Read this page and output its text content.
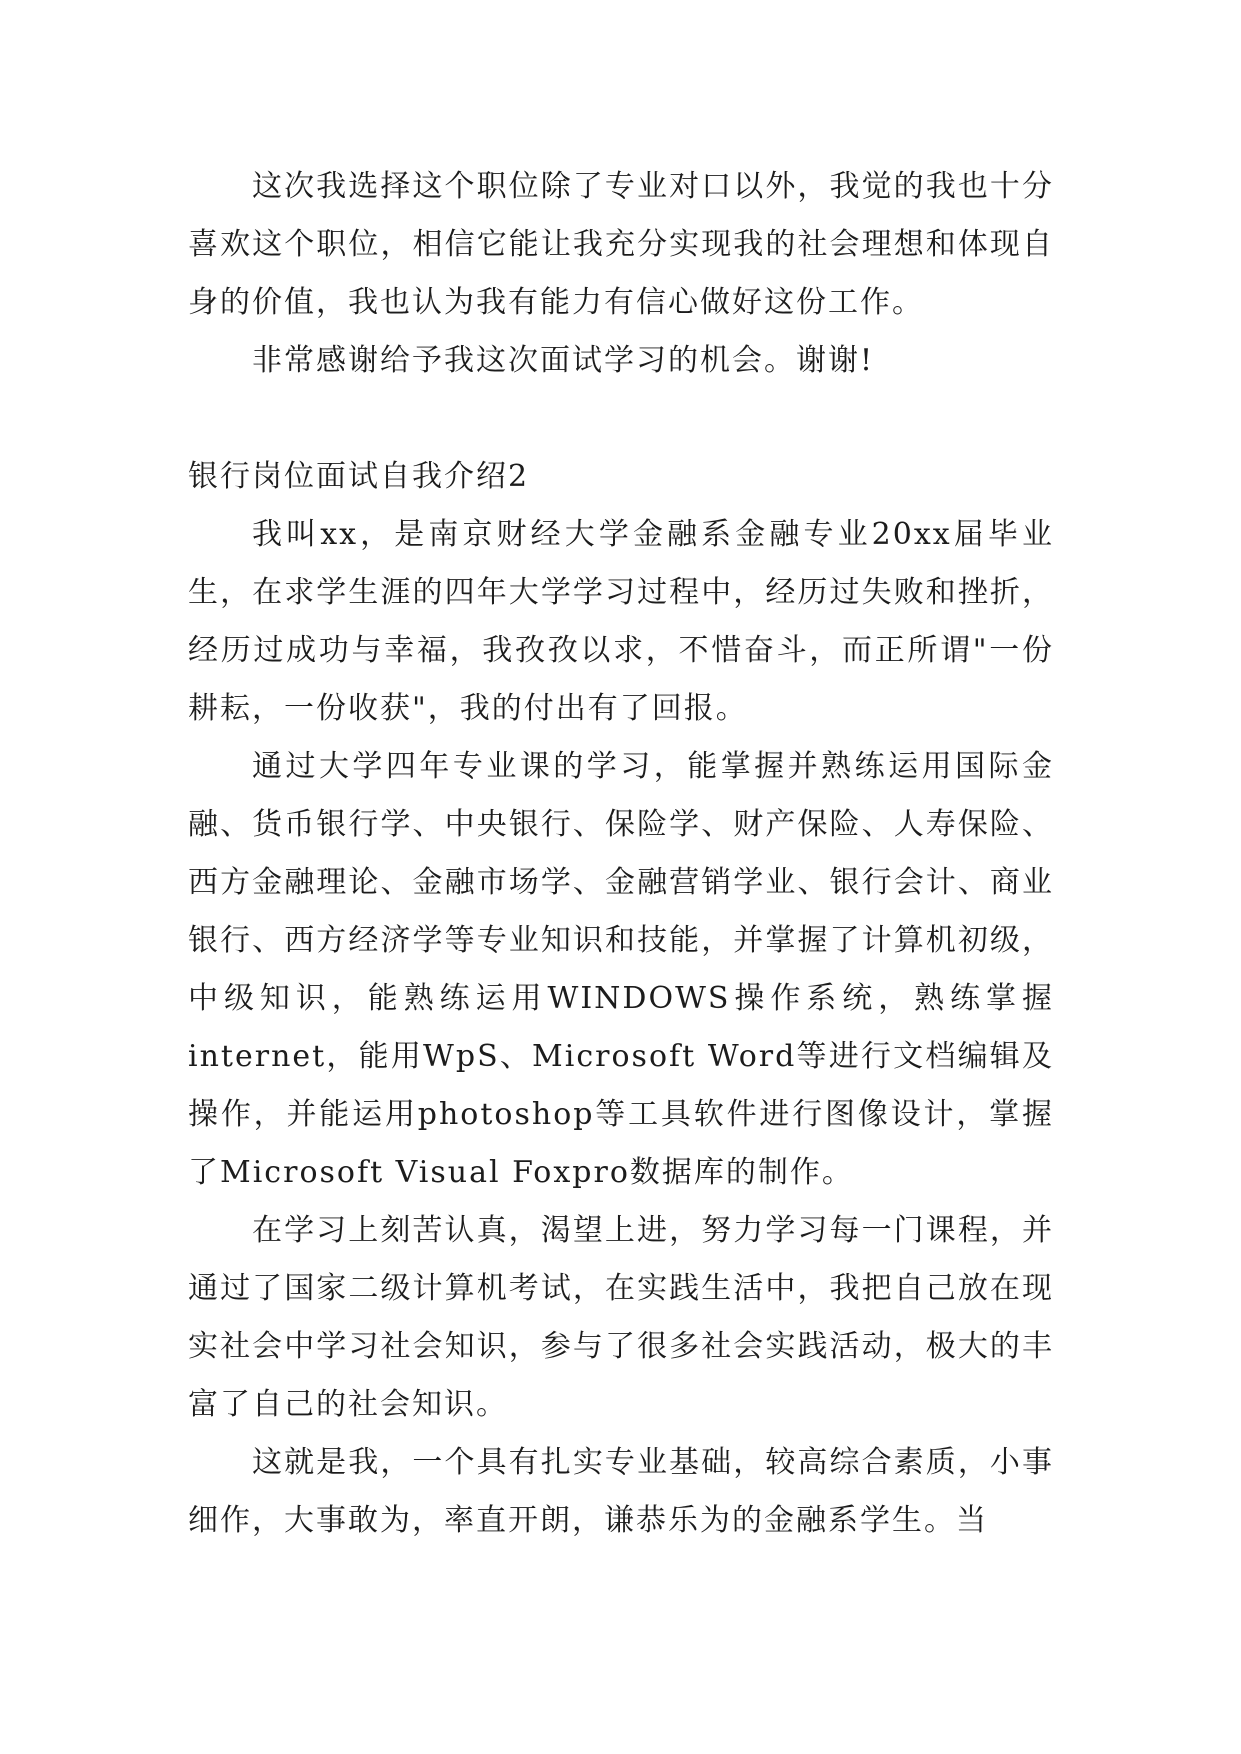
这次我选择这个职位除了专业对口以外，我觉的我也十分喜欢这个职位，相信它能让我充分实现我的社会理想和体现自身的价值，我也认为我有能力有信心做好这份工作。

非常感谢给予我这次面试学习的机会。谢谢!

银行岗位面试自我介绍2

我叫xx，是南京财经大学金融系金融专业20xx届毕业生，在求学生涯的四年大学学习过程中，经历过失败和挫折，经历过成功与幸福，我孜孜以求，不惜奋斗，而正所谓"一份耕耘，一份收获"，我的付出有了回报。

通过大学四年专业课的学习，能掌握并熟练运用国际金融、货币银行学、中央银行、保险学、财产保险、人寿保险、西方金融理论、金融市场学、金融营销学业、银行会计、商业银行、西方经济学等专业知识和技能，并掌握了计算机初级，中级知识，能熟练运用WINDOWS操作系统，熟练掌握internet，能用WpS、Microsoft Word等进行文档编辑及操作，并能运用photoshop等工具软件进行图像设计，掌握了Microsoft Visual Foxpro数据库的制作。

在学习上刻苦认真，渴望上进，努力学习每一门课程，并通过了国家二级计算机考试，在实践生活中，我把自己放在现实社会中学习社会知识，参与了很多社会实践活动，极大的丰富了自己的社会知识。

这就是我，一个具有扎实专业基础，较高综合素质，小事细作，大事敢为，率直开朗，谦恭乐为的金融系学生。当
